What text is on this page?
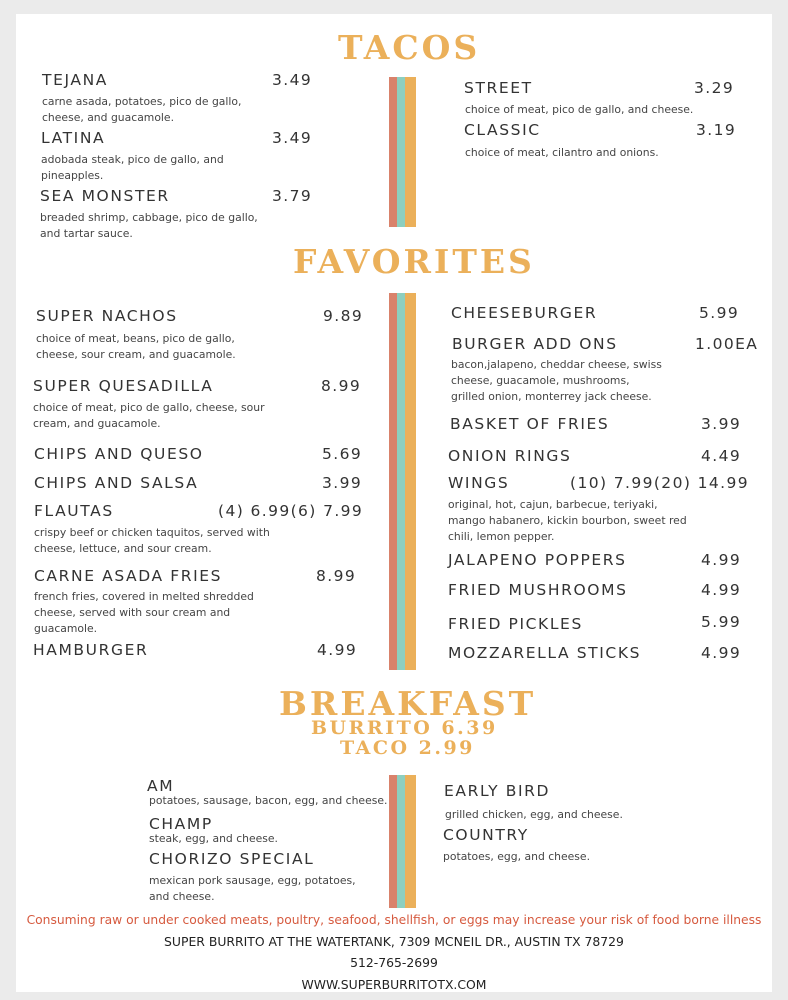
TACOS
TEJANA	3.49
carne asada, potatoes, pico de gallo, cheese, and guacamole.
LATINA	3.49
adobada steak, pico de gallo, and pineapples.
SEA MONSTER	3.79
breaded shrimp, cabbage, pico de gallo, and tartar sauce.
STREET	3.29
choice of meat, pico de gallo, and cheese.
CLASSIC	3.19
choice of meat, cilantro and onions.
FAVORITES
SUPER NACHOS	9.89
choice of meat, beans, pico de gallo, cheese, sour cream, and guacamole.
SUPER QUESADILLA	8.99
choice of meat, pico de gallo, cheese, sour cream, and guacamole.
CHIPS AND QUESO	5.69
CHIPS AND SALSA	3.99
FLAUTAS	(4) 6.99(6) 7.99
crispy beef or chicken taquitos, served with cheese, lettuce, and sour cream.
CARNE ASADA FRIES	8.99
french fries, covered in melted shredded cheese, served with sour cream and guacamole.
HAMBURGER	4.99
CHEESEBURGER	5.99
BURGER ADD ONS	1.00EA
bacon,jalapeno, cheddar cheese, swiss cheese, guacamole, mushrooms, grilled onion, monterrey jack cheese.
BASKET OF FRIES	3.99
ONION RINGS	4.49
WINGS	(10) 7.99(20) 14.99
original, hot, cajun, barbecue, teriyaki, mango habanero, kickin bourbon, sweet red chili, lemon pepper.
JALAPENO POPPERS	4.99
FRIED MUSHROOMS	4.99
FRIED PICKLES	5.99
MOZZARELLA STICKS	4.99
BREAKFAST
BURRITO 6.39
TACO 2.99
AM
potatoes, sausage, bacon, egg, and cheese.
CHAMP
steak, egg, and cheese.
CHORIZO SPECIAL
mexican pork sausage, egg, potatoes, and cheese.
EARLY BIRD
grilled chicken, egg, and cheese.
COUNTRY
potatoes, egg, and cheese.
Consuming raw or under cooked meats, poultry, seafood, shellfish, or eggs may increase your risk of food borne illness
SUPER BURRITO AT THE WATERTANK, 7309 MCNEIL DR., AUSTIN TX 78729
512-765-2699
WWW.SUPERBURRITOTX.COM
